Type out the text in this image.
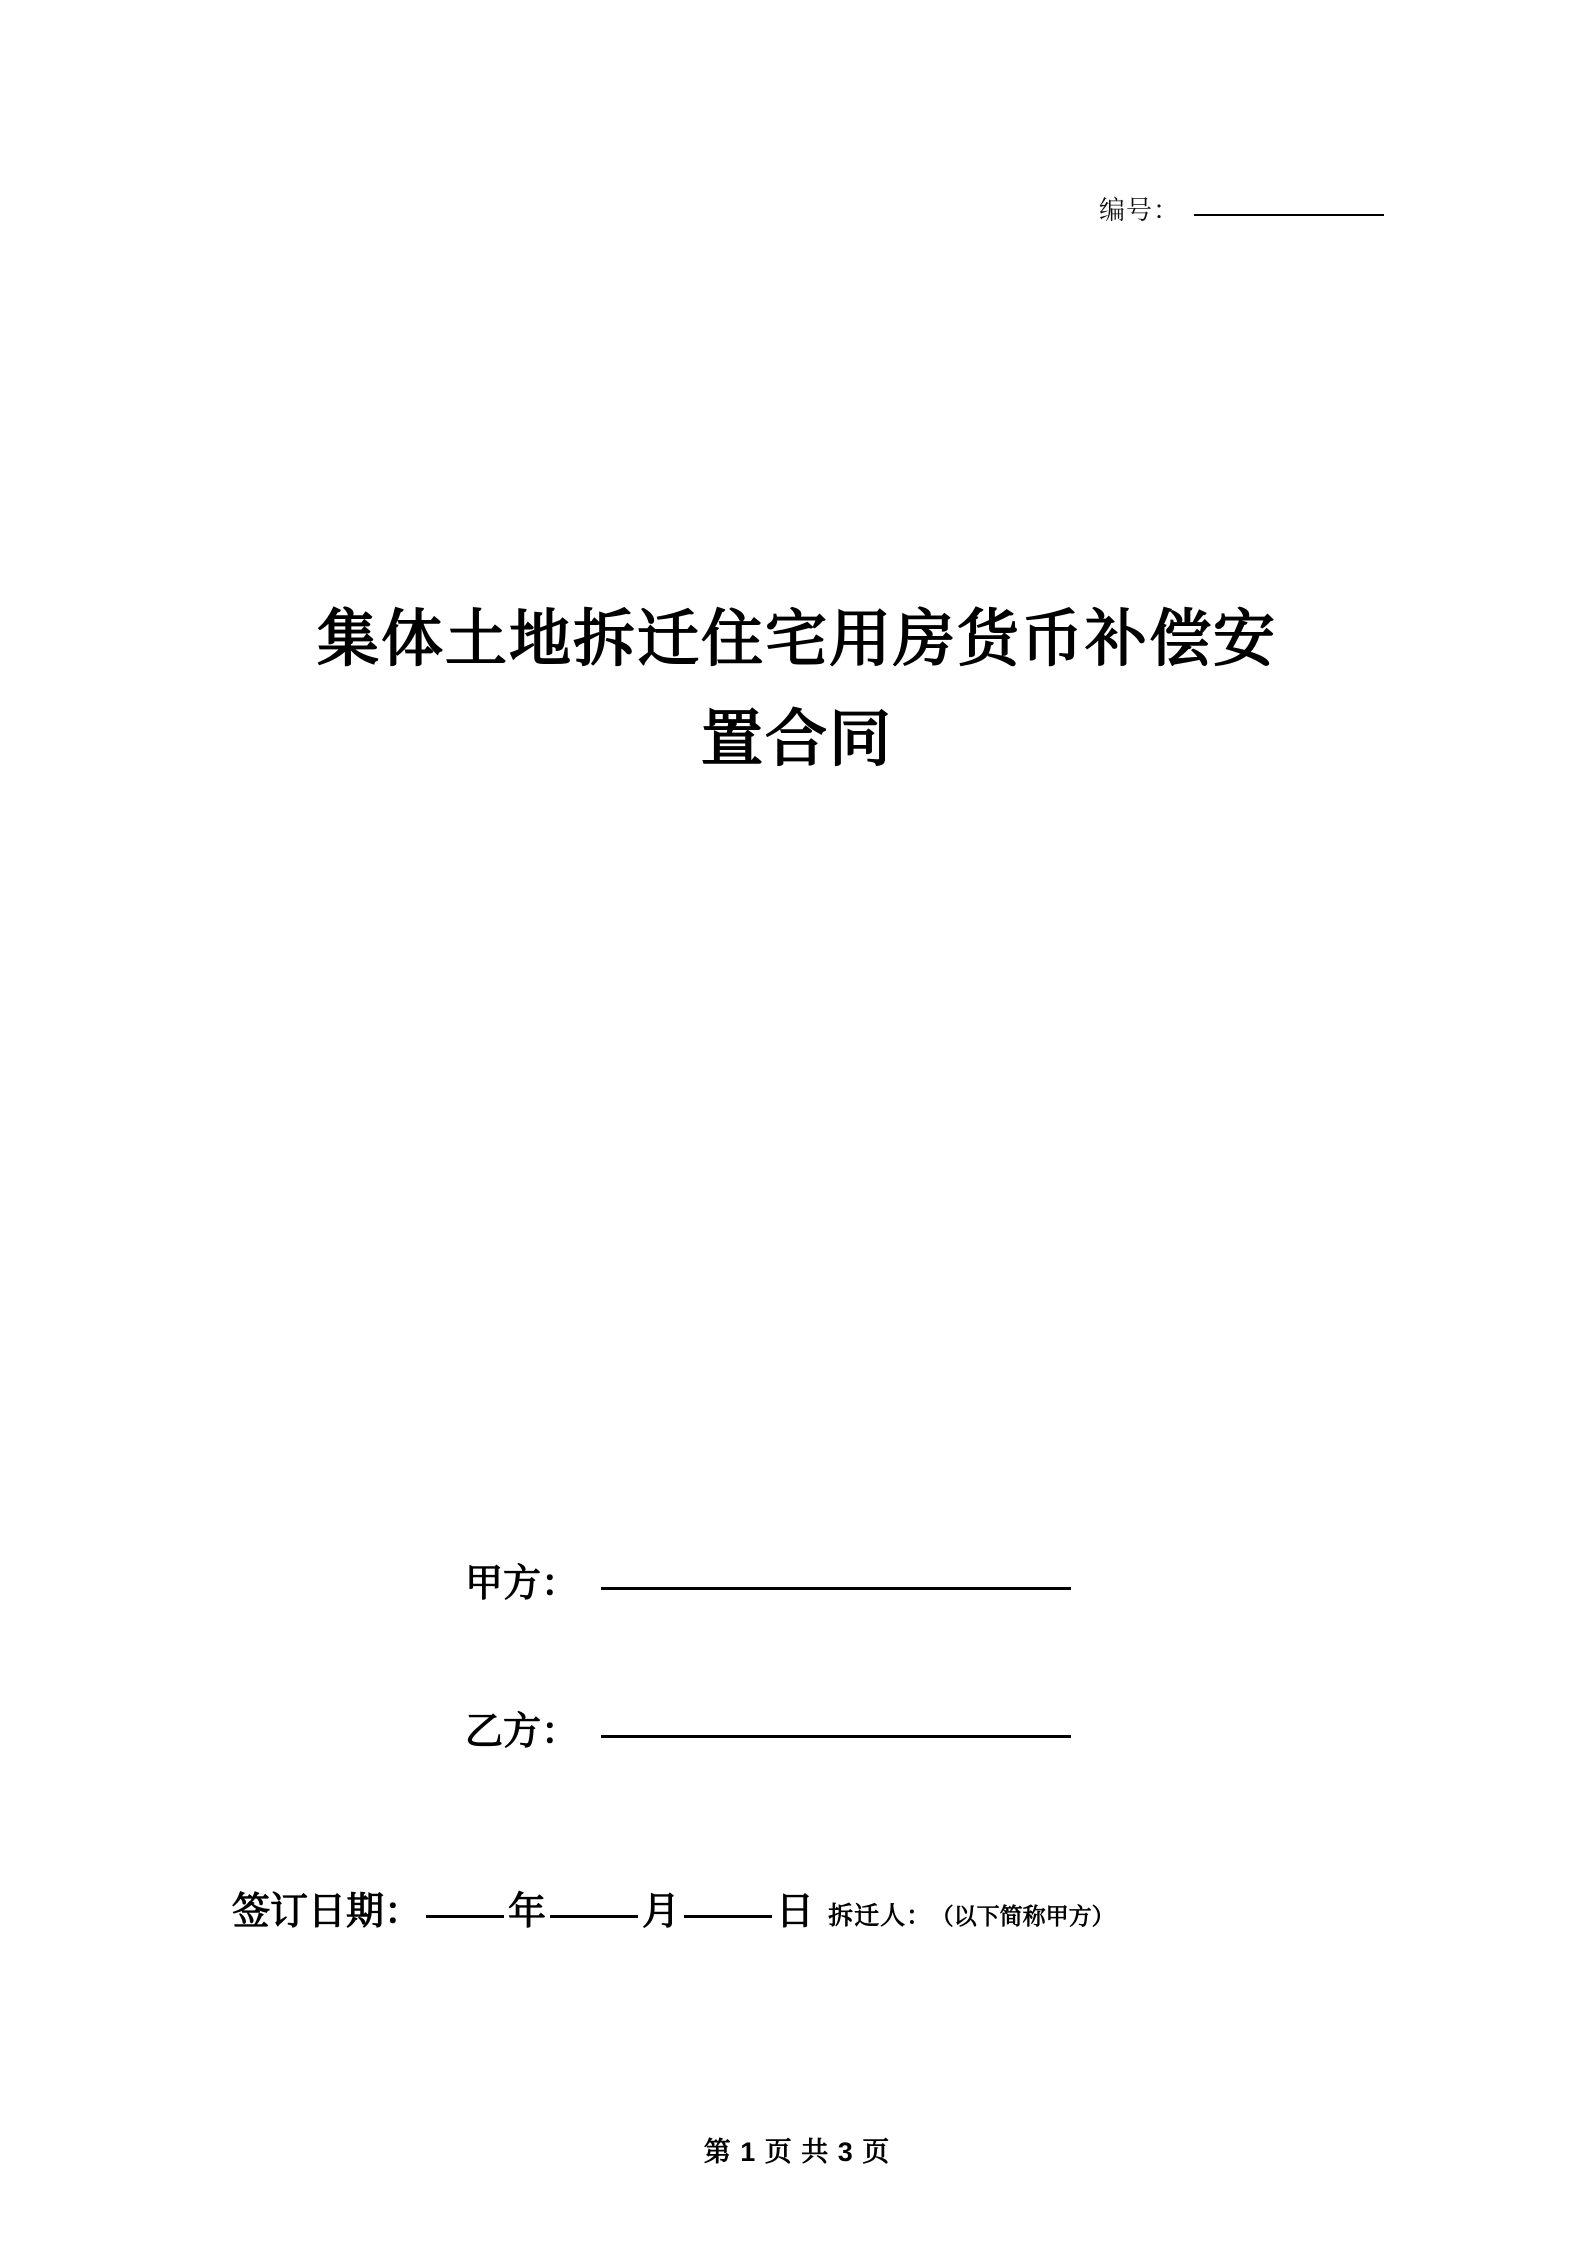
编号：
集体土地拆迁住宅用房货币补偿安
置合同
甲方：
乙方：
签订日期： 年	月	日 拆迁人： （以下简称甲方）
第 1 页 共 3 页
